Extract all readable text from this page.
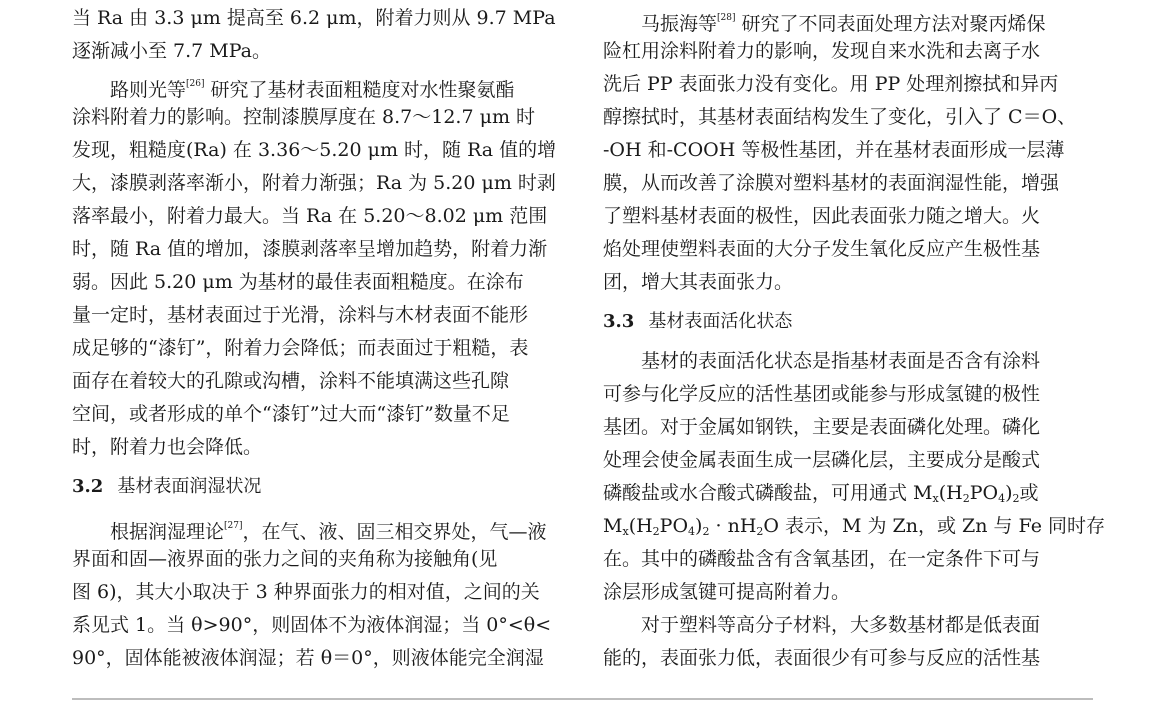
当 Ra 由 3.3 μm 提高至 6.2 μm，附着力则从 9.7 MPa
逐渐减小至 7.7 MPa。
路则光等[26] 研究了基材表面粗糙度对水性聚氨酯
涂料附着力的影响。控制漆膜厚度在 8.7～12.7 μm 时
发现，粗糙度(Ra) 在 3.36～5.20 μm 时，随 Ra 值的增
大，漆膜剥落率渐小，附着力渐强；Ra 为 5.20 μm 时剥
落率最小，附着力最大。当 Ra 在 5.20～8.02 μm 范围
时，随 Ra 值的增加，漆膜剥落率呈增加趋势，附着力渐
弱。因此 5.20 μm 为基材的最佳表面粗糙度。在涂布
量一定时，基材表面过于光滑，涂料与木材表面不能形
成足够的“漆钉”，附着力会降低；而表面过于粗糙，表
面存在着较大的孔隙或沟槽，涂料不能填满这些孔隙
空间，或者形成的单个“漆钉”过大而“漆钉”数量不足
时，附着力也会降低。
3.2 基材表面润湿状况
根据润湿理论[27]，在气、液、固三相交界处，气—液
界面和固—液界面的张力之间的夹角称为接触角(见
图 6)，其大小取决于 3 种界面张力的相对值，之间的关
系见式 1。当 θ>90°，则固体不为液体润湿；当 0°<θ<
90°，固体能被液体润湿；若 θ＝0°，则液体能完全润湿
马振海等[28] 研究了不同表面处理方法对聚丙烯保
险杠用涂料附着力的影响，发现自来水洗和去离子水
洗后 PP 表面张力没有变化。用 PP 处理剂擦拭和异丙
醇擦拭时，其基材表面结构发生了变化，引入了 C＝O、
-OH 和-COOH 等极性基团，并在基材表面形成一层薄
膜，从而改善了涂膜对塑料基材的表面润湿性能，增强
了塑料基材表面的极性，因此表面张力随之增大。火
焰处理使塑料表面的大分子发生氧化反应产生极性基
团，增大其表面张力。
3.3 基材表面活化状态
基材的表面活化状态是指基材表面是否含有涂料
可参与化学反应的活性基团或能参与形成氢键的极性
基团。对于金属如钢铁，主要是表面磷化处理。磷化
处理会使金属表面生成一层磷化层，主要成分是酸式
磷酸盐或水合酸式磷酸盐，可用通式 $M_x(H_2PO_4)_2$或
$M_x(H_2PO_4)_2 \cdot nH_2O$ 表示，M 为 Zn，或 Zn 与 Fe 同时存
在。其中的磷酸盐含有含氧基团，在一定条件下可与
涂层形成氢键可提高附着力。
对于塑料等高分子材料，大多数基材都是低表面
能的，表面张力低，表面很少有可参与反应的活性基
